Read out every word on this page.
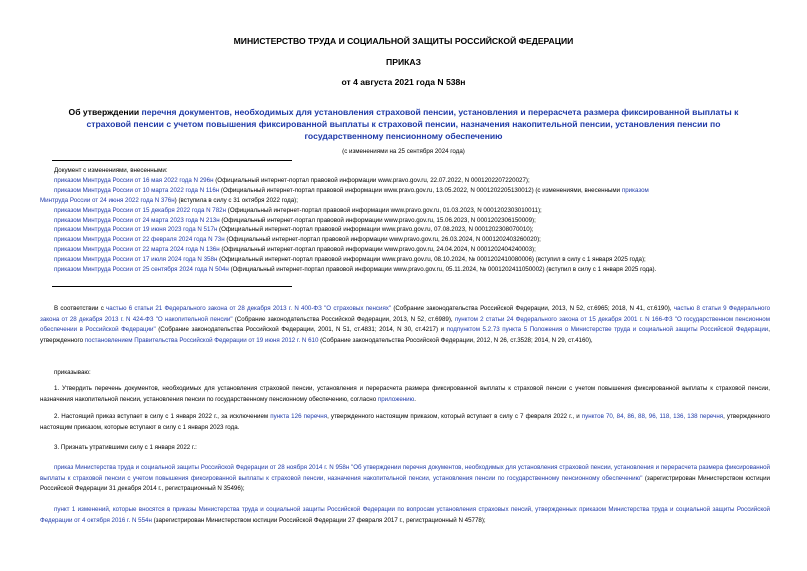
МИНИСТЕРСТВО ТРУДА И СОЦИАЛЬНОЙ ЗАЩИТЫ РОССИЙСКОЙ ФЕДЕРАЦИИ
ПРИКАЗ
от 4 августа 2021 года N 538н
Об утверждении перечня документов, необходимых для установления страховой пенсии, установления и перерасчета размера фиксированной выплаты к страховой пенсии с учетом повышения фиксированной выплаты к страховой пенсии, назначения накопительной пенсии, установления пенсии по государственному пенсионному обеспечению
(с изменениями на 25 сентября 2024 года)
Документ с изменениями, внесенными:
приказом Минтруда России от 16 мая 2022 года N 296н (Официальный интернет-портал правовой информации www.pravo.gov.ru, 22.07.2022, N 0001202207220027);
приказом Минтруда России от 10 марта 2022 года N 116н (Официальный интернет-портал правовой информации www.pravo.gov.ru, 13.05.2022, N 0001202205130012) (с изменениями, внесенными приказом
Минтруда России от 24 июня 2022 года N 376н) (вступила в силу с 31 октября 2022 года);
приказом Минтруда России от 15 декабря 2022 года N 782н (Официальный интернет-портал правовой информации www.pravo.gov.ru, 01.03.2023, N 0001202303010011);
приказом Минтруда России от 24 марта 2023 года N 213н (Официальный интернет-портал правовой информации www.pravo.gov.ru, 15.06.2023, N 0001202306150009);
приказом Минтруда России от 19 июня 2023 года N 517н (Официальный интернет-портал правовой информации www.pravo.gov.ru, 07.08.2023, N 0001202308070010);
приказом Минтруда России от 22 февраля 2024 года N 73н (Официальный интернет-портал правовой информации www.pravo.gov.ru, 26.03.2024, N 0001202403260020);
приказом Минтруда России от 22 марта 2024 года N 136н (Официальный интернет-портал правовой информации www.pravo.gov.ru, 24.04.2024, N 0001202404240003);
приказом Минтруда России от 17 июля 2024 года N 358н (Официальный интернет-портал правовой информации www.pravo.gov.ru, 08.10.2024, № 0001202410080006) (вступил в силу с 1 января 2025 года);
приказом Минтруда России от 25 сентября 2024 года N 504н (Официальный интернет-портал правовой информации www.pravo.gov.ru, 05.11.2024, № 0001202411050002) (вступил в силу с 1 января 2025 года).
В соответствии с частью 6 статьи 21 Федерального закона от 28 декабря 2013 г. N 400-ФЗ "О страховых пенсиях" (Собрание законодательства Российской Федерации, 2013, N 52, ст.6965; 2018, N 41, ст.6190), частью 8 статьи 9 Федерального закона от 28 декабря 2013 г. N 424-ФЗ "О накопительной пенсии" (Собрание законодательства Российской Федерации, 2013, N 52, ст.6989), пунктом 2 статьи 24 Федерального закона от 15 декабря 2001 г. N 166-ФЗ "О государственном пенсионном обеспечении в Российской Федерации" (Собрание законодательства Российской Федерации, 2001, N 51, ст.4831; 2014, N 30, ст.4217) и подпунктом 5.2.73 пункта 5 Положения о Министерстве труда и социальной защиты Российской Федерации, утвержденного постановлением Правительства Российской Федерации от 19 июня 2012 г. N 610 (Собрание законодательства Российской Федерации, 2012, N 26, ст.3528; 2014, N 29, ст.4160),
приказываю:
1. Утвердить перечень документов, необходимых для установления страховой пенсии, установления и перерасчета размера фиксированной выплаты к страховой пенсии с учетом повышения фиксированной выплаты к страховой пенсии, назначения накопительной пенсии, установления пенсии по государственному пенсионному обеспечению, согласно приложению.
2. Настоящий приказ вступает в силу с 1 января 2022 г., за исключением пункта 126 перечня, утвержденного настоящим приказом, который вступает в силу с 7 февраля 2022 г., и пунктов 70, 84, 86, 88, 96, 118, 136, 138 перечня, утвержденного настоящим приказом, которые вступают в силу с 1 января 2023 года.
3. Признать утратившими силу с 1 января 2022 г.:
приказ Министерства труда и социальной защиты Российской Федерации от 28 ноября 2014 г. N 958н "Об утверждении перечня документов, необходимых для установления страховой пенсии, установления и перерасчета размера фиксированной выплаты к страховой пенсии с учетом повышения фиксированной выплаты к страховой пенсии, назначения накопительной пенсии, установления пенсии по государственному пенсионному обеспечению" (зарегистрирован Министерством юстиции Российской Федерации 31 декабря 2014 г., регистрационный N 35496);
пункт 1 изменений, которые вносятся в приказы Министерства труда и социальной защиты Российской Федерации по вопросам установления страховых пенсий, утвержденных приказом Министерства труда и социальной защиты Российской Федерации от 4 октября 2016 г. N 554н (зарегистрирован Министерством юстиции Российской Федерации 27 февраля 2017 г., регистрационный N 45778);
